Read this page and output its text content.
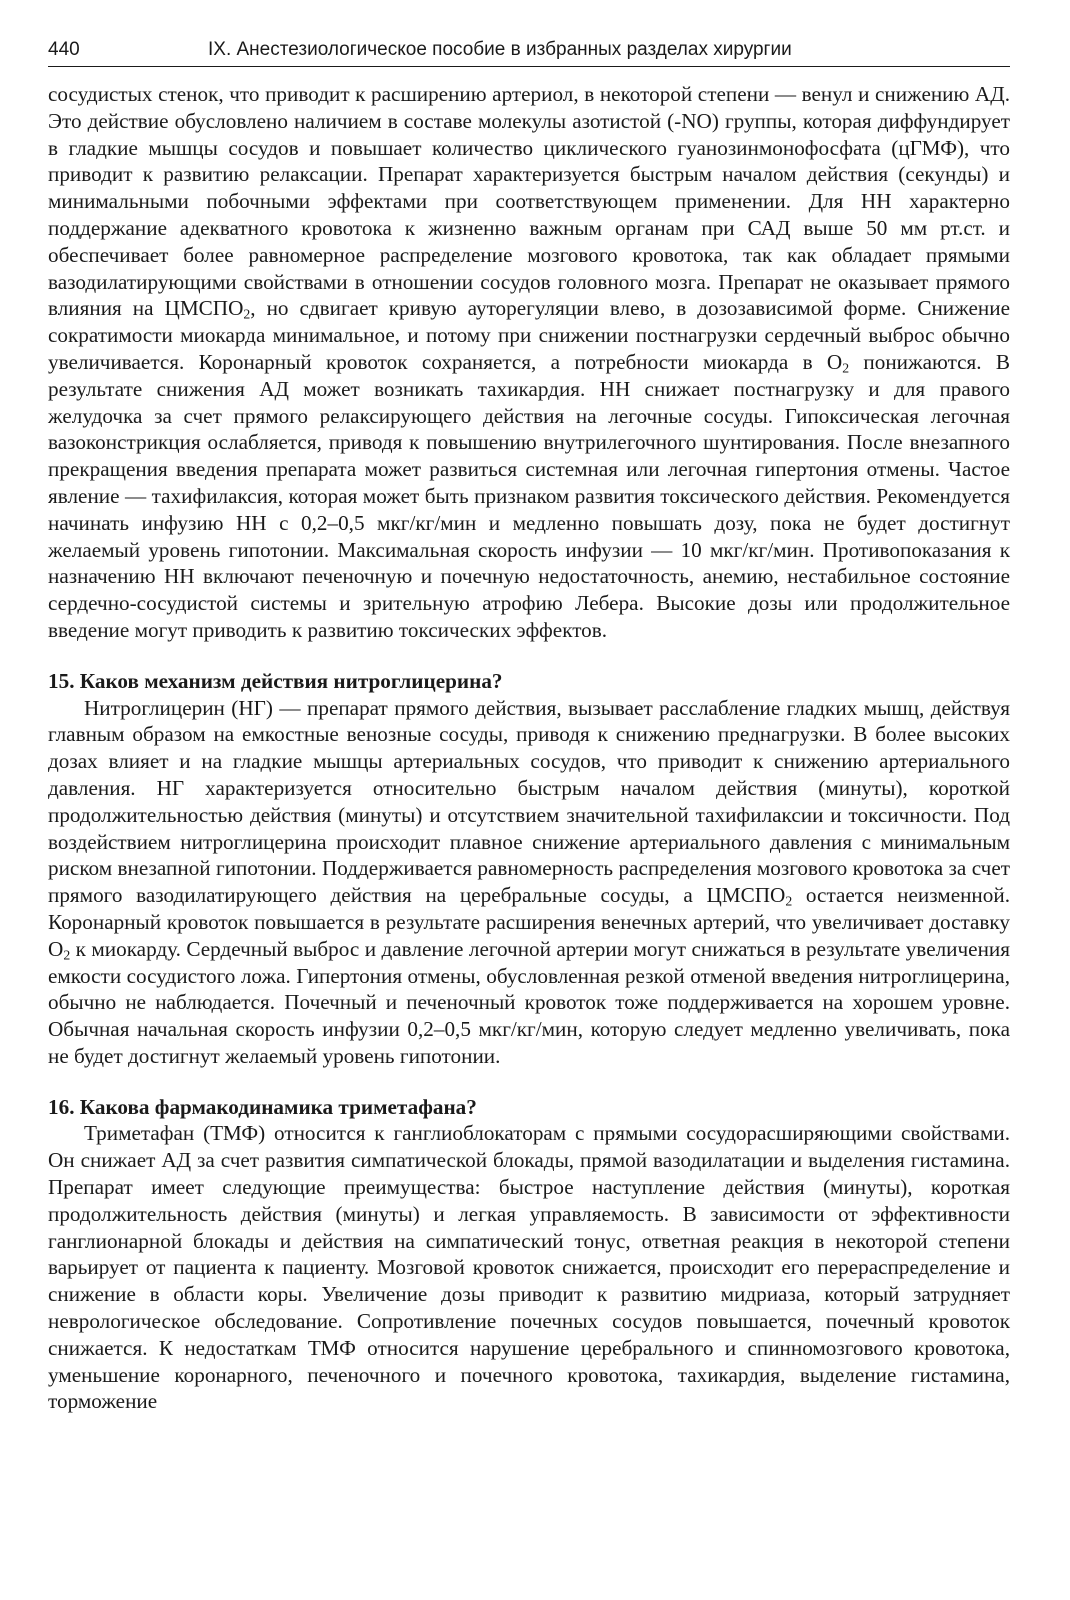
440	IX. Анестезиологическое пособие в избранных разделах хирургии

сосудистых стенок, что приводит к расширению артериол, в некоторой степени — венул и снижению АД. Это действие обусловлено наличием в составе молекулы азотистой (-NO) группы, которая диффундирует в гладкие мышцы сосудов и повышает количество циклического гуанозинмонофосфата (цГМФ), что приводит к развитию релаксации. Препарат характеризуется быстрым началом действия (секунды) и минимальными побочными эффектами при соответствующем применении. Для НН характерно поддержание адекватного кровотока к жизненно важным органам при САД выше 50 мм рт.ст. и обеспечивает более равномерное распределение мозгового кровотока, так как обладает прямыми вазодилатирующими свойствами в отношении сосудов головного мозга. Препарат не оказывает прямого влияния на $ЦМСПО_2$, но сдвигает кривую ауторегуляции влево, в дозозависимой форме. Снижение сократимости миокарда минимальное, и потому при снижении постнагрузки сердечный выброс обычно увеличивается. Коронарный кровоток сохраняется, а потребности миокарда в $O_2$ понижаются. В результате снижения АД может возникать тахикардия. НН снижает постнагрузку и для правого желудочка за счет прямого релаксирующего действия на легочные сосуды. Гипоксическая легочная вазоконстрикция ослабляется, приводя к повышению внутрилегочного шунтирования. После внезапного прекращения введения препарата может развиться системная или легочная гипертония отмены. Частое явление — тахифилаксия, которая может быть признаком развития токсического действия. Рекомендуется начинать инфузию НН с 0,2–0,5 мкг/кг/мин и медленно повышать дозу, пока не будет достигнут желаемый уровень гипотонии. Максимальная скорость инфузии — 10 мкг/кг/мин. Противопоказания к назначению НН включают печеночную и почечную недостаточность, анемию, нестабильное состояние сердечно-сосудистой системы и зрительную атрофию Лебера. Высокие дозы или продолжительное введение могут приводить к развитию токсических эффектов.

15. Каков механизм действия нитроглицерина?

Нитроглицерин (НГ) — препарат прямого действия, вызывает расслабление гладких мышц, действуя главным образом на емкостные венозные сосуды, приводя к снижению преднагрузки. В более высоких дозах влияет и на гладкие мышцы артериальных сосудов, что приводит к снижению артериального давления. НГ характеризуется относительно быстрым началом действия (минуты), короткой продолжительностью действия (минуты) и отсутствием значительной тахифилаксии и токсичности. Под воздействием нитроглицерина происходит плавное снижение артериального давления с минимальным риском внезапной гипотонии. Поддерживается равномерность распределения мозгового кровотока за счет прямого вазодилатирующего действия на церебральные сосуды, а $ЦМСПО_2$ остается неизменной. Коронарный кровоток повышается в результате расширения венечных артерий, что увеличивает доставку $O_2$ к миокарду. Сердечный выброс и давление легочной артерии могут снижаться в результате увеличения емкости сосудистого ложа. Гипертония отмены, обусловленная резкой отменой введения нитроглицерина, обычно не наблюдается. Почечный и печеночный кровоток тоже поддерживается на хорошем уровне. Обычная начальная скорость инфузии 0,2–0,5 мкг/кг/мин, которую следует медленно увеличивать, пока не будет достигнут желаемый уровень гипотонии.

16. Какова фармакодинамика триметафана?

Триметафан (ТМФ) относится к ганглиоблокаторам с прямыми сосудорасширяющими свойствами. Он снижает АД за счет развития симпатической блокады, прямой вазодилатации и выделения гистамина. Препарат имеет следующие преимущества: быстрое наступление действия (минуты), короткая продолжительность действия (минуты) и легкая управляемость. В зависимости от эффективности ганглионарной блокады и действия на симпатический тонус, ответная реакция в некоторой степени варьирует от пациента к пациенту. Мозговой кровоток снижается, происходит его перераспределение и снижение в области коры. Увеличение дозы приводит к развитию мидриаза, который затрудняет неврологическое обследование. Сопротивление почечных сосудов повышается, почечный кровоток снижается. К недостаткам ТМФ относится нарушение церебрального и спинномозгового кровотока, уменьшение коронарного, печеночного и почечного кровотока, тахикардия, выделение гистамина, торможение
